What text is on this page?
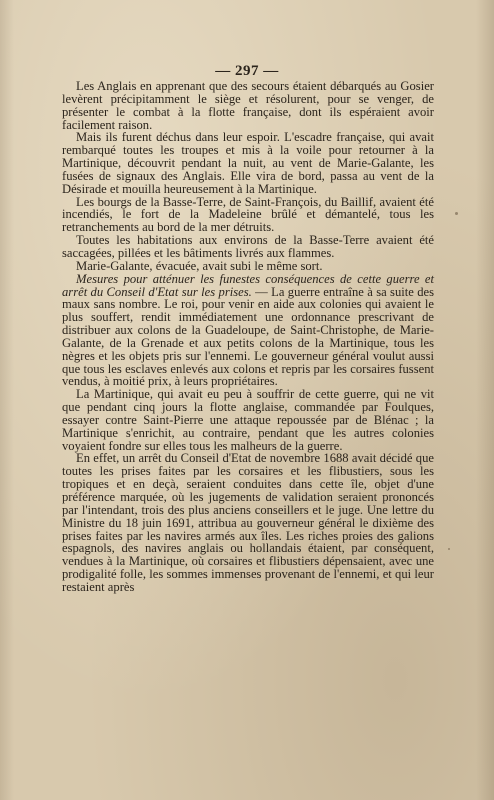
— 297 —

Les Anglais en apprenant que des secours étaient débarqués au Gosier levèrent précipitamment le siège et résolurent, pour se venger, de présenter le combat à la flotte française, dont ils espéraient avoir facilement raison.

Mais ils furent déchus dans leur espoir. L'escadre française, qui avait rembarqué toutes les troupes et mis à la voile pour retourner à la Martinique, découvrit pendant la nuit, au vent de Marie-Galante, les fusées de signaux des Anglais. Elle vira de bord, passa au vent de la Désirade et mouilla heureusement à la Martinique.

Les bourgs de la Basse-Terre, de Saint-François, du Baillif, avaient été incendiés, le fort de la Madeleine brûlé et démantelé, tous les retranchements au bord de la mer détruits.

Toutes les habitations aux environs de la Basse-Terre avaient été saccagées, pillées et les bâtiments livrés aux flammes.

Marie-Galante, évacuée, avait subi le même sort.

Mesures pour atténuer les funestes conséquences de cette guerre et arrêt du Conseil d'Etat sur les prises. — La guerre entraîne à sa suite des maux sans nombre. Le roi, pour venir en aide aux colonies qui avaient le plus souffert, rendit immédiatement une ordonnance prescrivant de distribuer aux colons de la Guadeloupe, de Saint-Christophe, de Marie-Galante, de la Grenade et aux petits colons de la Martinique, tous les nègres et les objets pris sur l'ennemi. Le gouverneur général voulut aussi que tous les esclaves enlevés aux colons et repris par les corsaires fussent vendus, à moitié prix, à leurs propriétaires.

La Martinique, qui avait eu peu à souffrir de cette guerre, qui ne vit que pendant cinq jours la flotte anglaise, commandée par Foulques, essayer contre Saint-Pierre une attaque repoussée par de Blénac ; la Martinique s'enrichit, au contraire, pendant que les autres colonies voyaient fondre sur elles tous les malheurs de la guerre.

En effet, un arrêt du Conseil d'Etat de novembre 1688 avait décidé que toutes les prises faites par les corsaires et les flibustiers, sous les tropiques et en deçà, seraient conduites dans cette île, objet d'une préférence marquée, où les jugements de validation seraient prononcés par l'intendant, trois des plus anciens conseillers et le juge. Une lettre du Ministre du 18 juin 1691, attribua au gouverneur général le dixième des prises faites par les navires armés aux îles. Les riches proies des galions espagnols, des navires anglais ou hollandais étaient, par conséquent, vendues à la Martinique, où corsaires et flibustiers dépensaient, avec une prodigalité folle, les sommes immenses provenant de l'ennemi, et qui leur restaient après
